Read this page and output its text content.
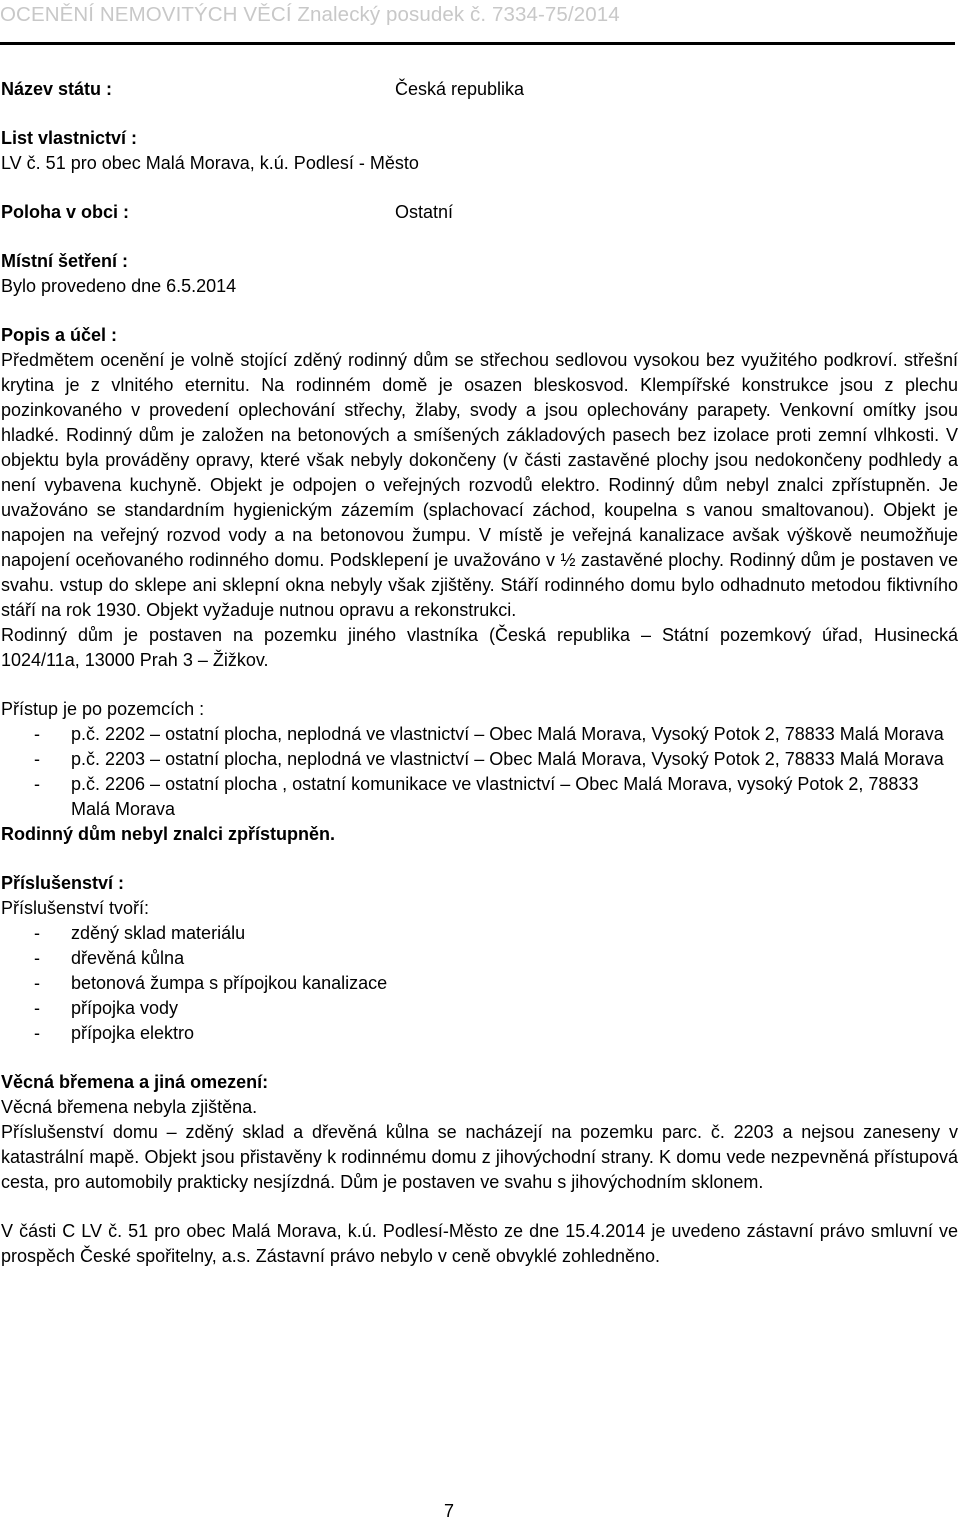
OCENĚNÍ NEMOVITÝCH VĚCÍ Znalecký posudek č. 7334-75/2014
Název státu :	Česká republika

List vlastnictví :

LV č. 51 pro obec Malá Morava, k.ú. Podlesí - Město

Poloha v obci :	Ostatní

Místní šetření :

Bylo provedeno dne 6.5.2014

Popis a účel :

Předmětem ocenění je volně stojící zděný rodinný dům se střechou sedlovou vysokou bez využitého podkroví. střešní krytina je z vlnitého eternitu. Na rodinném domě je osazen bleskosvod. Klempířské konstrukce jsou z plechu pozinkovaného v provedení oplechování střechy, žlaby, svody a jsou oplechovány parapety. Venkovní omítky jsou hladké. Rodinný dům je založen na betonových a smíšených základových pasech bez izolace proti zemní vlhkosti. V objektu byla prováděny opravy, které však nebyly dokončeny (v části zastavěné plochy jsou nedokončeny podhledy a není vybavena kuchyně. Objekt je odpojen o veřejných rozvodů elektro. Rodinný dům nebyl znalci zpřístupněn. Je uvažováno se standardním hygienickým zázemím (splachovací záchod, koupelna s vanou smaltovanou). Objekt je napojen na veřejný rozvod vody a na betonovou žumpu. V místě je veřejná kanalizace avšak výškově neumožňuje napojení oceňovaného rodinného domu. Podsklepení je uvažováno v ½ zastavěné plochy. Rodinný dům je postaven ve svahu. vstup do sklepe ani sklepní okna nebyly však zjištěny. Stáří rodinného domu bylo odhadnuto metodou fiktivního stáří na rok 1930. Objekt vyžaduje nutnou opravu a rekonstrukci.

Rodinný dům je postaven na pozemku jiného vlastníka (Česká republika – Státní pozemkový úřad, Husinecká 1024/11a, 13000 Prah 3 – Žižkov.

Přístup je po pozemcích :

- p.č. 2202 – ostatní plocha, neplodná ve vlastnictví – Obec Malá Morava, Vysoký Potok 2, 78833 Malá Morava
- p.č. 2203 – ostatní plocha, neplodná ve vlastnictví – Obec Malá Morava, Vysoký Potok 2, 78833 Malá Morava
- p.č. 2206 – ostatní plocha , ostatní komunikace ve vlastnictví – Obec Malá Morava, vysoký Potok 2, 78833 Malá Morava

Rodinný dům nebyl znalci zpřístupněn.

Příslušenství :

Příslušenství tvoří:

- zděný sklad materiálu
- dřevěná kůlna
- betonová žumpa s přípojkou kanalizace
- přípojka vody
- přípojka elektro

Věcná břemena a jiná omezení:

Věcná břemena nebyla zjištěna.

Příslušenství domu – zděný sklad a dřevěná kůlna se nacházejí na pozemku parc. č. 2203 a nejsou zaneseny v katastrální mapě. Objekt jsou přistavěny k rodinnému domu z jihovýchodní strany. K domu vede nezpevněná přístupová cesta, pro automobily prakticky nesjízdná. Dům je postaven ve svahu s jihovýchodním sklonem.

V části C LV č. 51 pro obec Malá Morava, k.ú. Podlesí-Město ze dne 15.4.2014 je uvedeno zástavní právo smluvní ve prospěch České spořitelny, a.s. Zástavní právo nebylo v ceně obvyklé zohledněno.

7
